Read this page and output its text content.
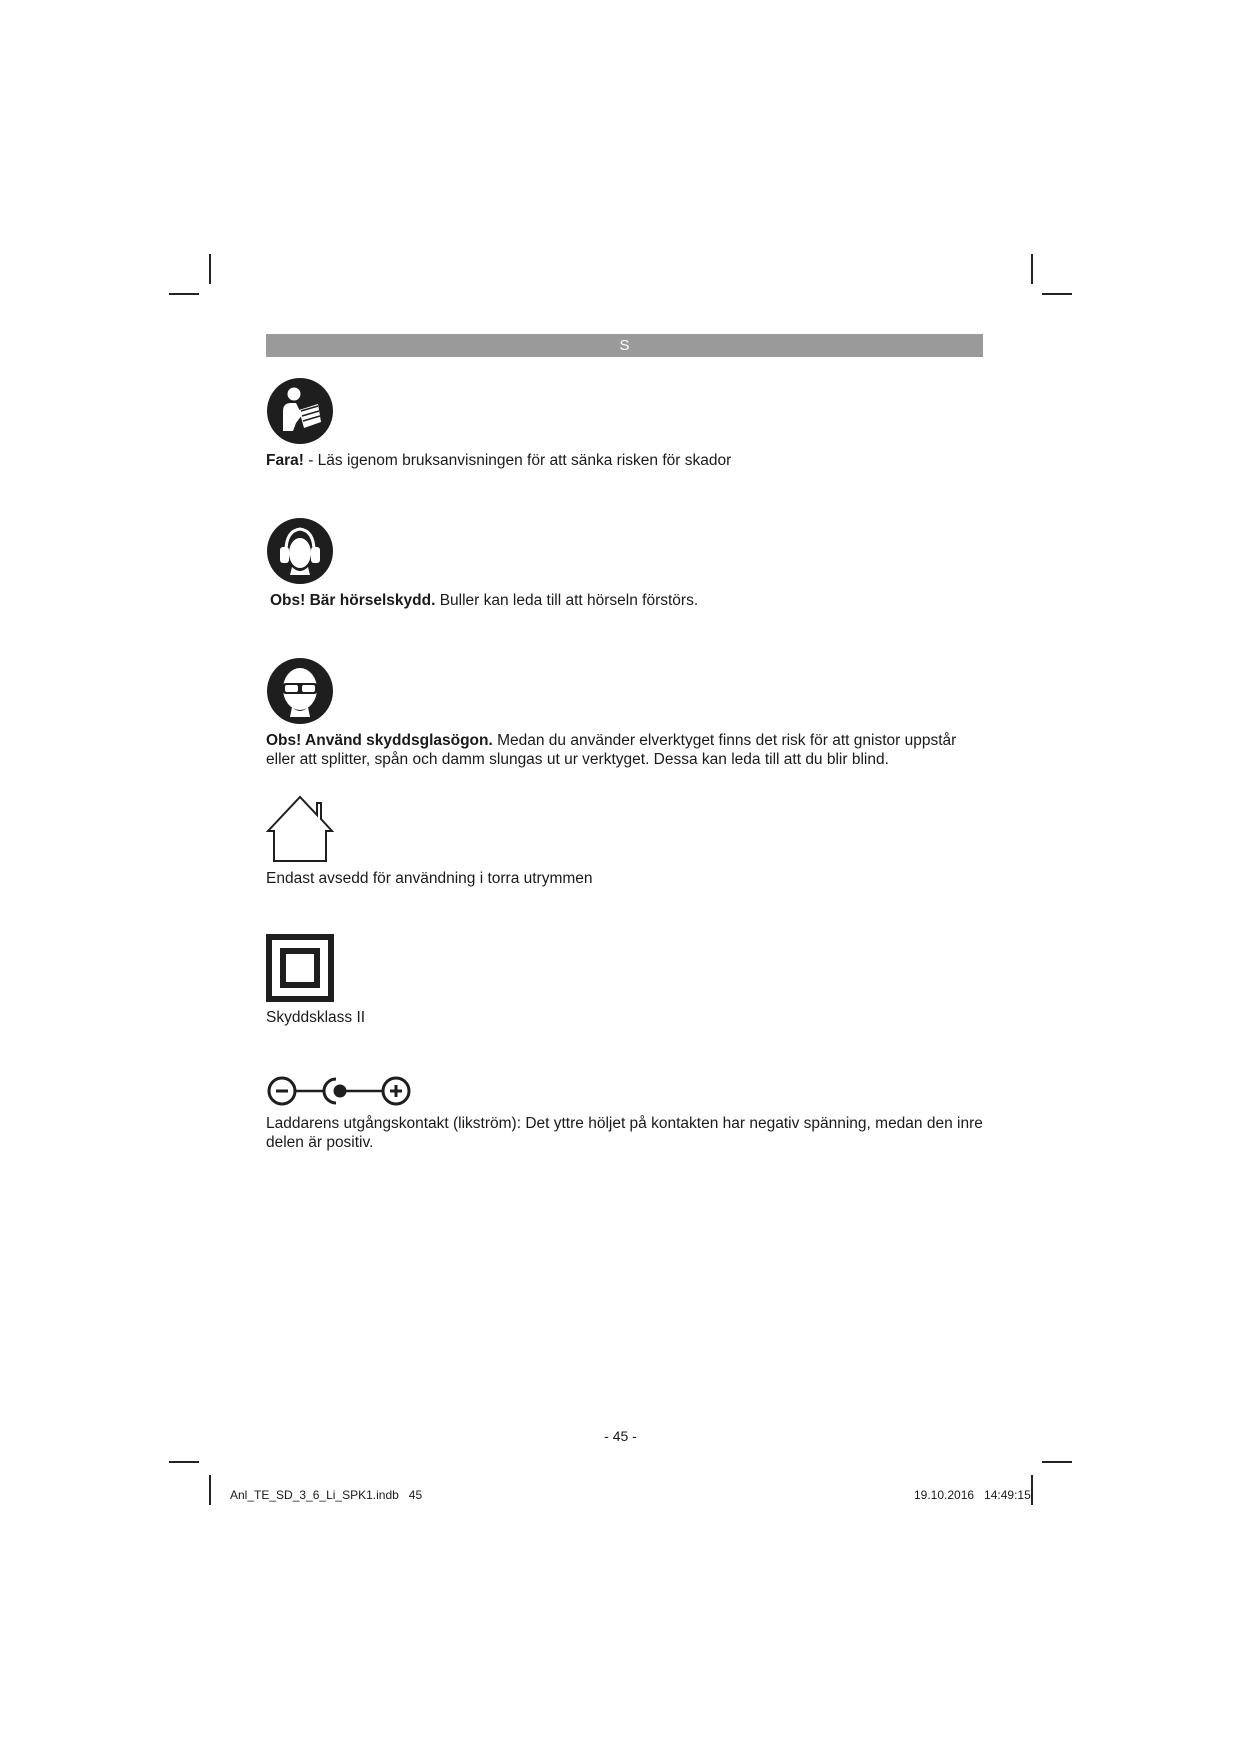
S

Fara! - Läs igenom bruksanvisningen för att sänka risken för skador

Obs! Bär hörselskydd. Buller kan leda till att hörseln förstörs.

Obs! Använd skyddsglasögon. Medan du använder elverktyget finns det risk för att gnistor uppstår eller att splitter, spån och damm slungas ut ur verktyget. Dessa kan leda till att du blir blind.

Endast avsedd för användning i torra utrymmen

Skyddsklass II

Laddarens utgångskontakt (likström): Det yttre höljet på kontakten har negativ spänning, medan den inre delen är positiv.

- 45 -
Anl_TE_SD_3_6_Li_SPK1.indb   45	19.10.2016   14:49:15
